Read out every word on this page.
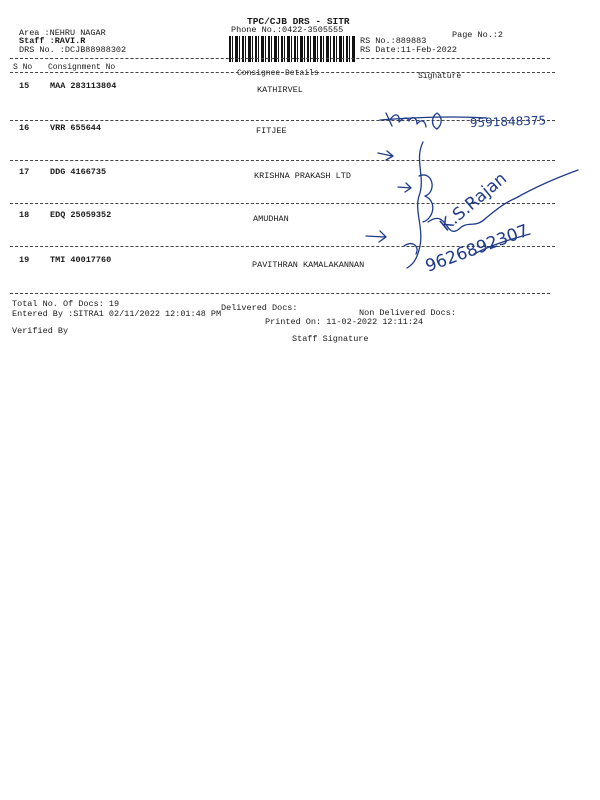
TPC/CJB DRS - SITR
Phone No.:0422-3505555
Area :NEHRU NAGAR
Staff :RAVI.R
DRS No. :DCJB88988302
RS No.:889883
RS Date:11-Feb-2022
Page No.:2
S No Consignment No
Consignee Details	Signature
15 MAA 283113804	KATHIRVEL
16 VRR 655644	FITJEE
17 DDG 4166735	KRISHNA PRAKASH LTD
18 EDQ 25059352	AMUDHAN
19 TMI 40017760	PAVITHRAN KAMALAKANNAN
9591848375
K.S.Rajan
9626892307
Total No. Of Docs: 19	Delivered Docs:	Non Delivered Docs:
Entered By :SITRA1 02/11/2022 12:01:48 PM
Printed On: 11-02-2022 12:11:24
Verified By
Staff Signature
